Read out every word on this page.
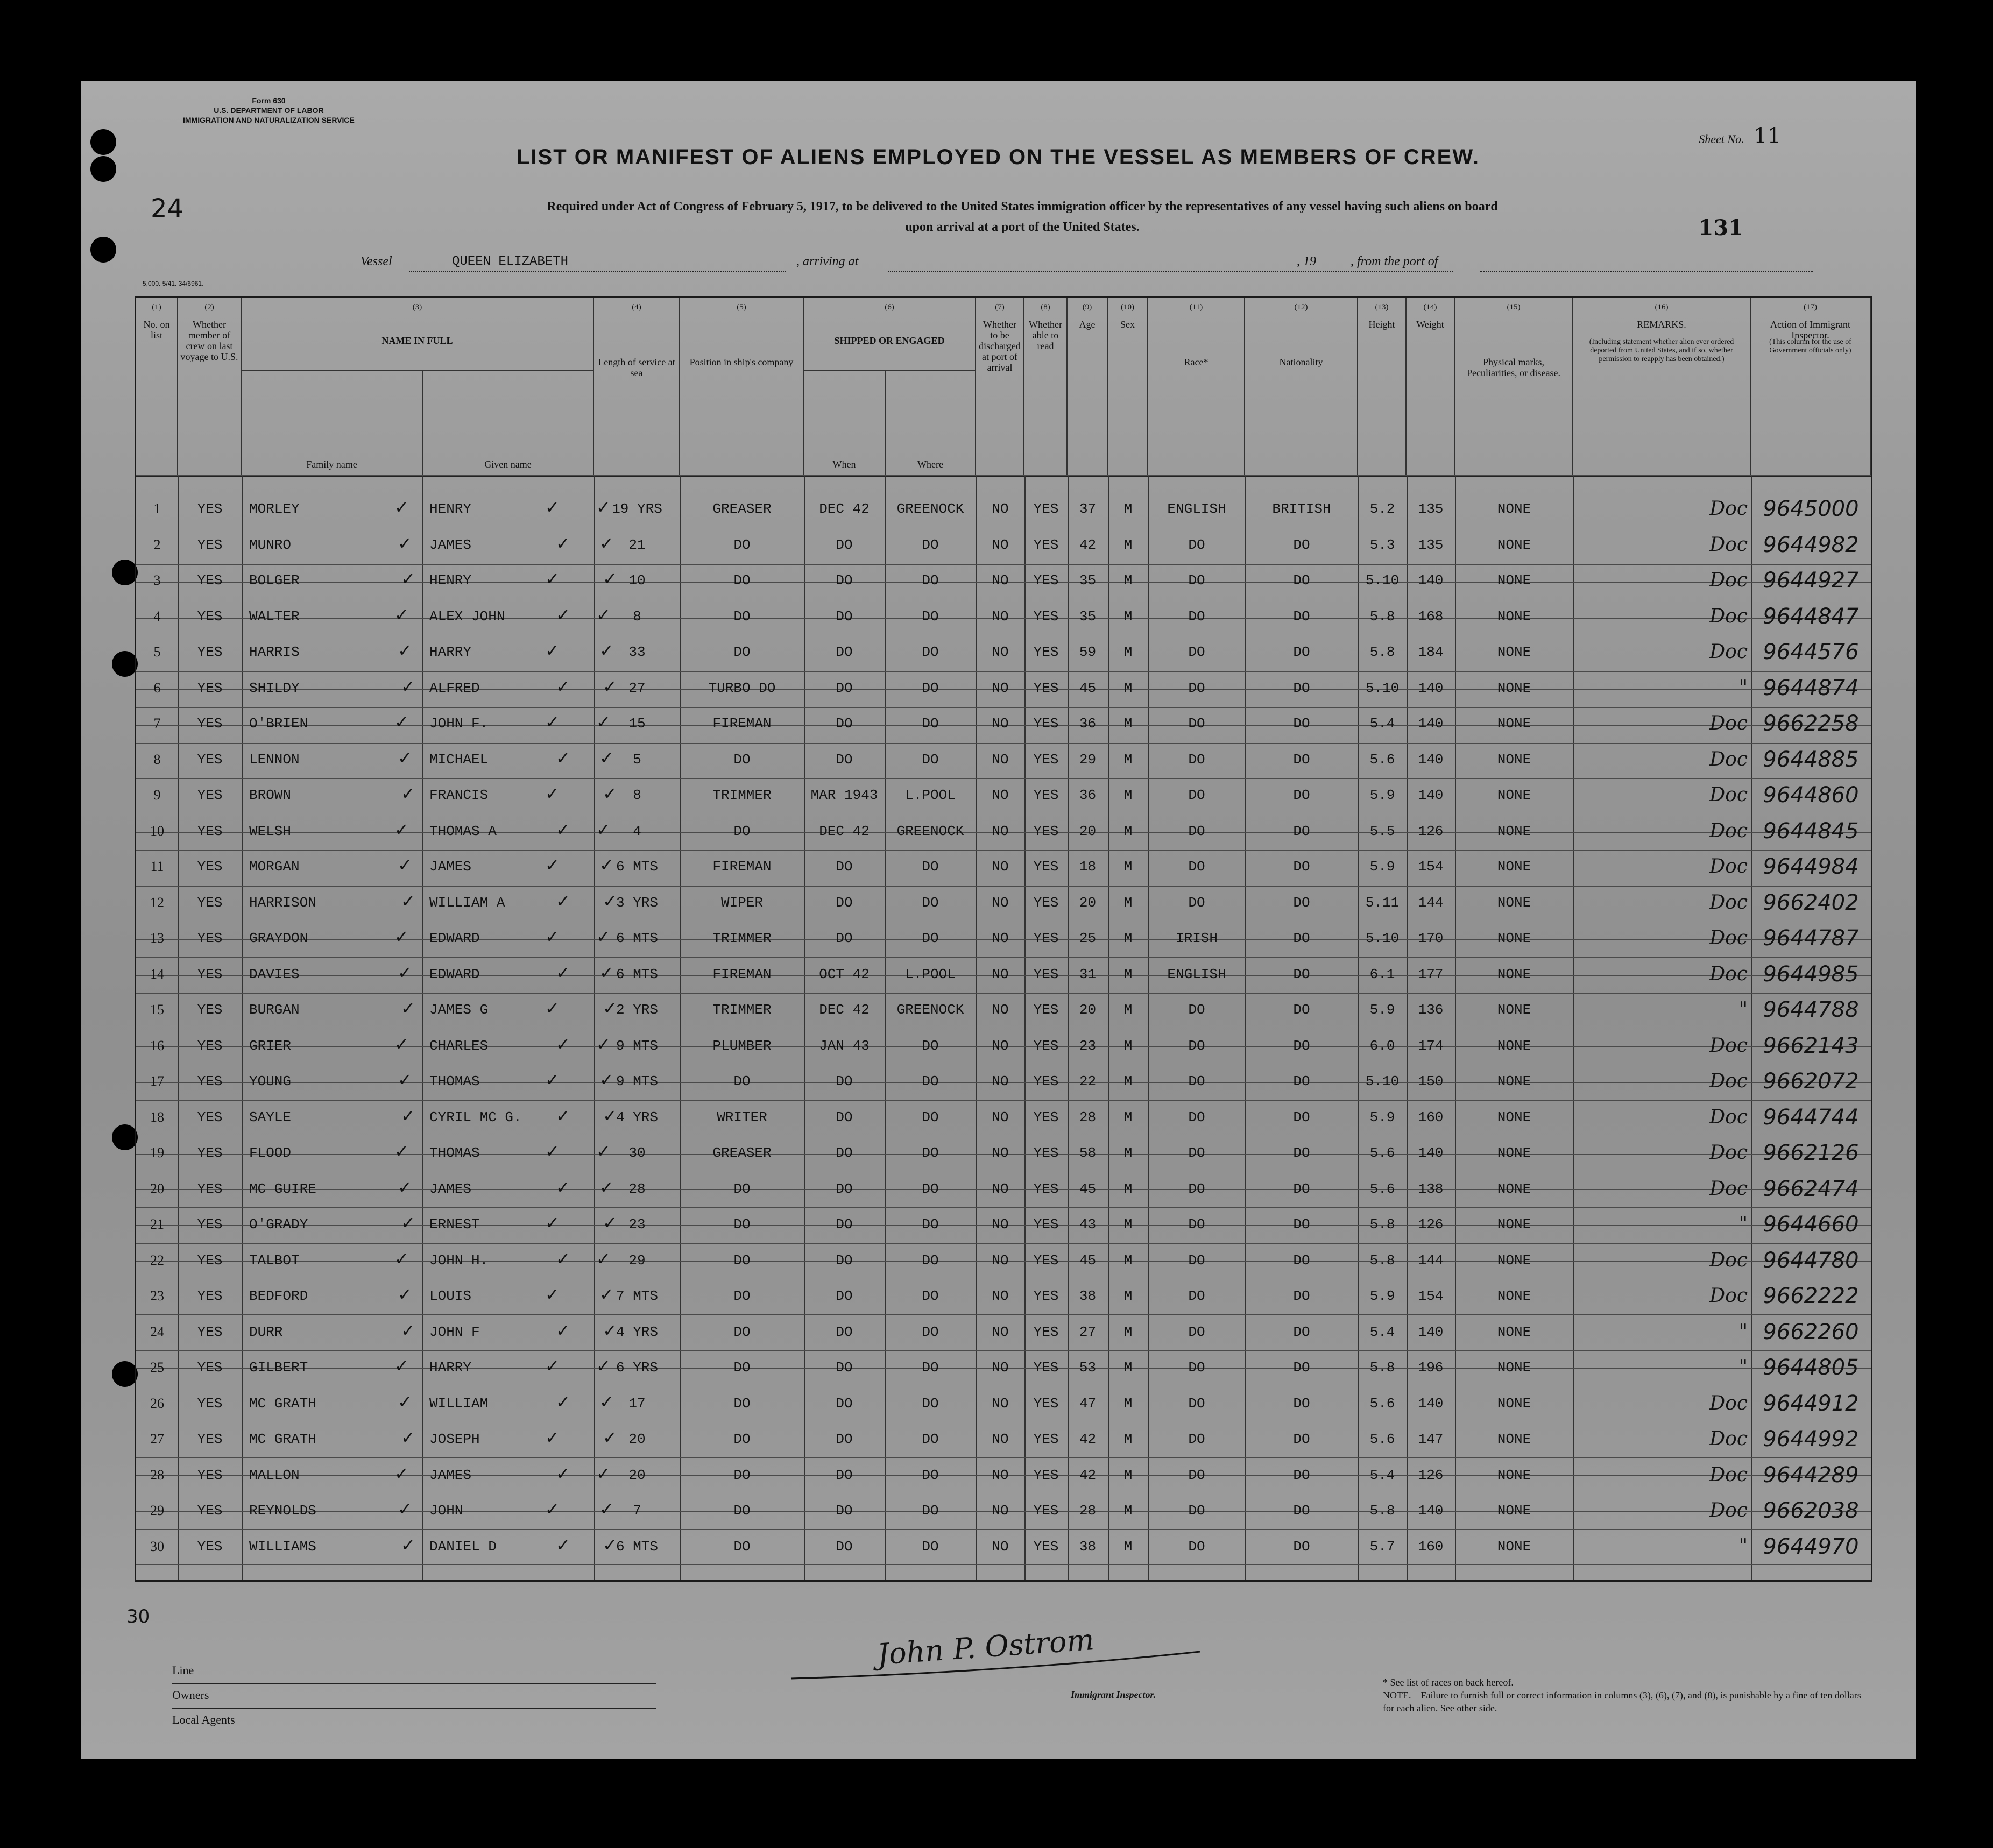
Form 630
U.S. DEPARTMENT OF LABOR
IMMIGRATION AND NATURALIZATION SERVICE
Sheet No. 11
24
LIST OR MANIFEST OF ALIENS EMPLOYED ON THE VESSEL AS MEMBERS OF CREW.
Required under Act of Congress of February 5, 1917, to be delivered to the United States immigration officer by the representatives of any vessel having such aliens on board
upon arrival at a port of the United States.	131
Vessel	QUEEN ELIZABETH	, arriving at	, 19	, from the port of
5,000. 5/41. 34/6961.
(1)
No. on list
(2)
Whether member of crew on last voyage to U.S.
(3)
NAME IN FULL
Family name	Given name
(4)
Length of service at sea
(5)
Position in ship's company
(6)
SHIPPED OR ENGAGED
When	Where
(7)
Whether to be discharged at port of arrival
(8)
Whether able to read
(9)
Age
(10)
Sex
(11)
Race*
(12)
Nationality
(13)
Height
(14)
Weight
(15)
Physical marks, Peculiarities, or disease.
(16)
REMARKS.
(Including statement whether alien ever ordered deported from United States, and if so, whether permission to reapply has been obtained.)
(17)
Action of Immigrant Inspector.
(This column for the use of Government officials only)
1	YES	MORLEY	HENRY	19 YRS	GREASER	DEC 42	GREENOCK	NO	YES	37	M	ENGLISH	BRITISH	5.2	135	NONE	Doc 9645000
✓	✓ ✓
2	YES	MUNRO	JAMES	21	DO	DO	DO	NO	YES	42	M	DO	DO	5.3	135	NONE	Doc 9644982
✓	✓ ✓
3	YES	BOLGER	HENRY	10	DO	DO	DO	NO	YES	35	M	DO	DO	5.10	140	NONE	Doc 9644927
✓	✓	✓
4	YES	WALTER	ALEX JOHN	8	DO	DO	DO	NO	YES	35	M	DO	DO	5.8	168	NONE	Doc 9644847
✓	✓ ✓
5	YES	HARRIS	HARRY	33	DO	DO	DO	NO	YES	59	M	DO	DO	5.8	184	NONE	Doc 9644576
✓	✓ ✓
6	YES	SHILDY	ALFRED	27	TURBO DO	DO	DO	NO	YES	45	M	DO	DO	5.10	140	NONE	" 9644874
✓	✓ ✓
7	YES	O'BRIEN	JOHN F.	15	FIREMAN	DO	DO	NO	YES	36	M	DO	DO	5.4	140	NONE	Doc 9662258
✓	✓ ✓
8	YES	LENNON	MICHAEL	5	DO	DO	DO	NO	YES	29	M	DO	DO	5.6	140	NONE	Doc 9644885
✓	✓ ✓
9	YES	BROWN	FRANCIS	8	TRIMMER	MAR 1943	L.POOL	NO	YES	36	M	DO	DO	5.9	140	NONE	Doc 9644860
✓	✓	✓
10	YES	WELSH	THOMAS A	4	DO	DEC 42	GREENOCK	NO	YES	20	M	DO	DO	5.5	126	NONE	Doc 9644845
✓	✓ ✓
11	YES	MORGAN	JAMES	6 MTS	FIREMAN	DO	DO	NO	YES	18	M	DO	DO	5.9	154	NONE	Doc 9644984
✓	✓ ✓
12	YES	HARRISON	WILLIAM A	3 YRS	WIPER	DO	DO	NO	YES	20	M	DO	DO	5.11	144	NONE	Doc 9662402
✓	✓ ✓
13	YES	GRAYDON	EDWARD	6 MTS	TRIMMER	DO	DO	NO	YES	25	M	IRISH	DO	5.10	170	NONE	Doc 9644787
✓	✓ ✓
14	YES	DAVIES	EDWARD	6 MTS	FIREMAN	OCT 42	L.POOL	NO	YES	31	M	ENGLISH	DO	6.1	177	NONE	Doc 9644985
✓	✓ ✓
15	YES	BURGAN	JAMES G	2 YRS	TRIMMER	DEC 42	GREENOCK	NO	YES	20	M	DO	DO	5.9	136	NONE	" 9644788
✓	✓	✓
16	YES	GRIER	CHARLES	9 MTS	PLUMBER	JAN 43	DO	NO	YES	23	M	DO	DO	6.0	174	NONE	Doc 9662143
✓	✓ ✓
17	YES	YOUNG	THOMAS	9 MTS	DO	DO	DO	NO	YES	22	M	DO	DO	5.10	150	NONE	Doc 9662072
✓	✓ ✓
18	YES	SAYLE	CYRIL MC G.	4 YRS	WRITER	DO	DO	NO	YES	28	M	DO	DO	5.9	160	NONE	Doc 9644744
✓	✓ ✓
19	YES	FLOOD	THOMAS	30	GREASER	DO	DO	NO	YES	58	M	DO	DO	5.6	140	NONE	Doc 9662126
✓	✓ ✓
20	YES	MC GUIRE	JAMES	28	DO	DO	DO	NO	YES	45	M	DO	DO	5.6	138	NONE	Doc 9662474
✓	✓ ✓
21	YES	O'GRADY	ERNEST	23	DO	DO	DO	NO	YES	43	M	DO	DO	5.8	126	NONE	" 9644660
✓	✓	✓
22	YES	TALBOT	JOHN H.	29	DO	DO	DO	NO	YES	45	M	DO	DO	5.8	144	NONE	Doc 9644780
✓	✓ ✓
23	YES	BEDFORD	LOUIS	7 MTS	DO	DO	DO	NO	YES	38	M	DO	DO	5.9	154	NONE	Doc 9662222
✓	✓ ✓
24	YES	DURR	JOHN F	4 YRS	DO	DO	DO	NO	YES	27	M	DO	DO	5.4	140	NONE	" 9662260
✓	✓ ✓
25	YES	GILBERT	HARRY	6 YRS	DO	DO	DO	NO	YES	53	M	DO	DO	5.8	196	NONE	" 9644805
✓	✓ ✓
26	YES	MC GRATH	WILLIAM	17	DO	DO	DO	NO	YES	47	M	DO	DO	5.6	140	NONE	Doc 9644912
✓	✓ ✓
27	YES	MC GRATH	JOSEPH	20	DO	DO	DO	NO	YES	42	M	DO	DO	5.6	147	NONE	Doc 9644992
✓	✓	✓
28	YES	MALLON	JAMES	20	DO	DO	DO	NO	YES	42	M	DO	DO	5.4	126	NONE	Doc 9644289
✓	✓ ✓
29	YES	REYNOLDS	JOHN	7	DO	DO	DO	NO	YES	28	M	DO	DO	5.8	140	NONE	Doc 9662038
✓	✓ ✓
30	YES	WILLIAMS	DANIEL D	6 MTS	DO	DO	DO	NO	YES	38	M	DO	DO	5.7	160	NONE	" 9644970
✓	✓ ✓
30
Line
Owners
Local Agents
John P. Ostrom
Immigrant Inspector.
* See list of races on back hereof.
NOTE.—Failure to furnish full or correct information in columns (3), (6), (7), and (8), is punishable by a fine of ten dollars for each alien. See other side.
